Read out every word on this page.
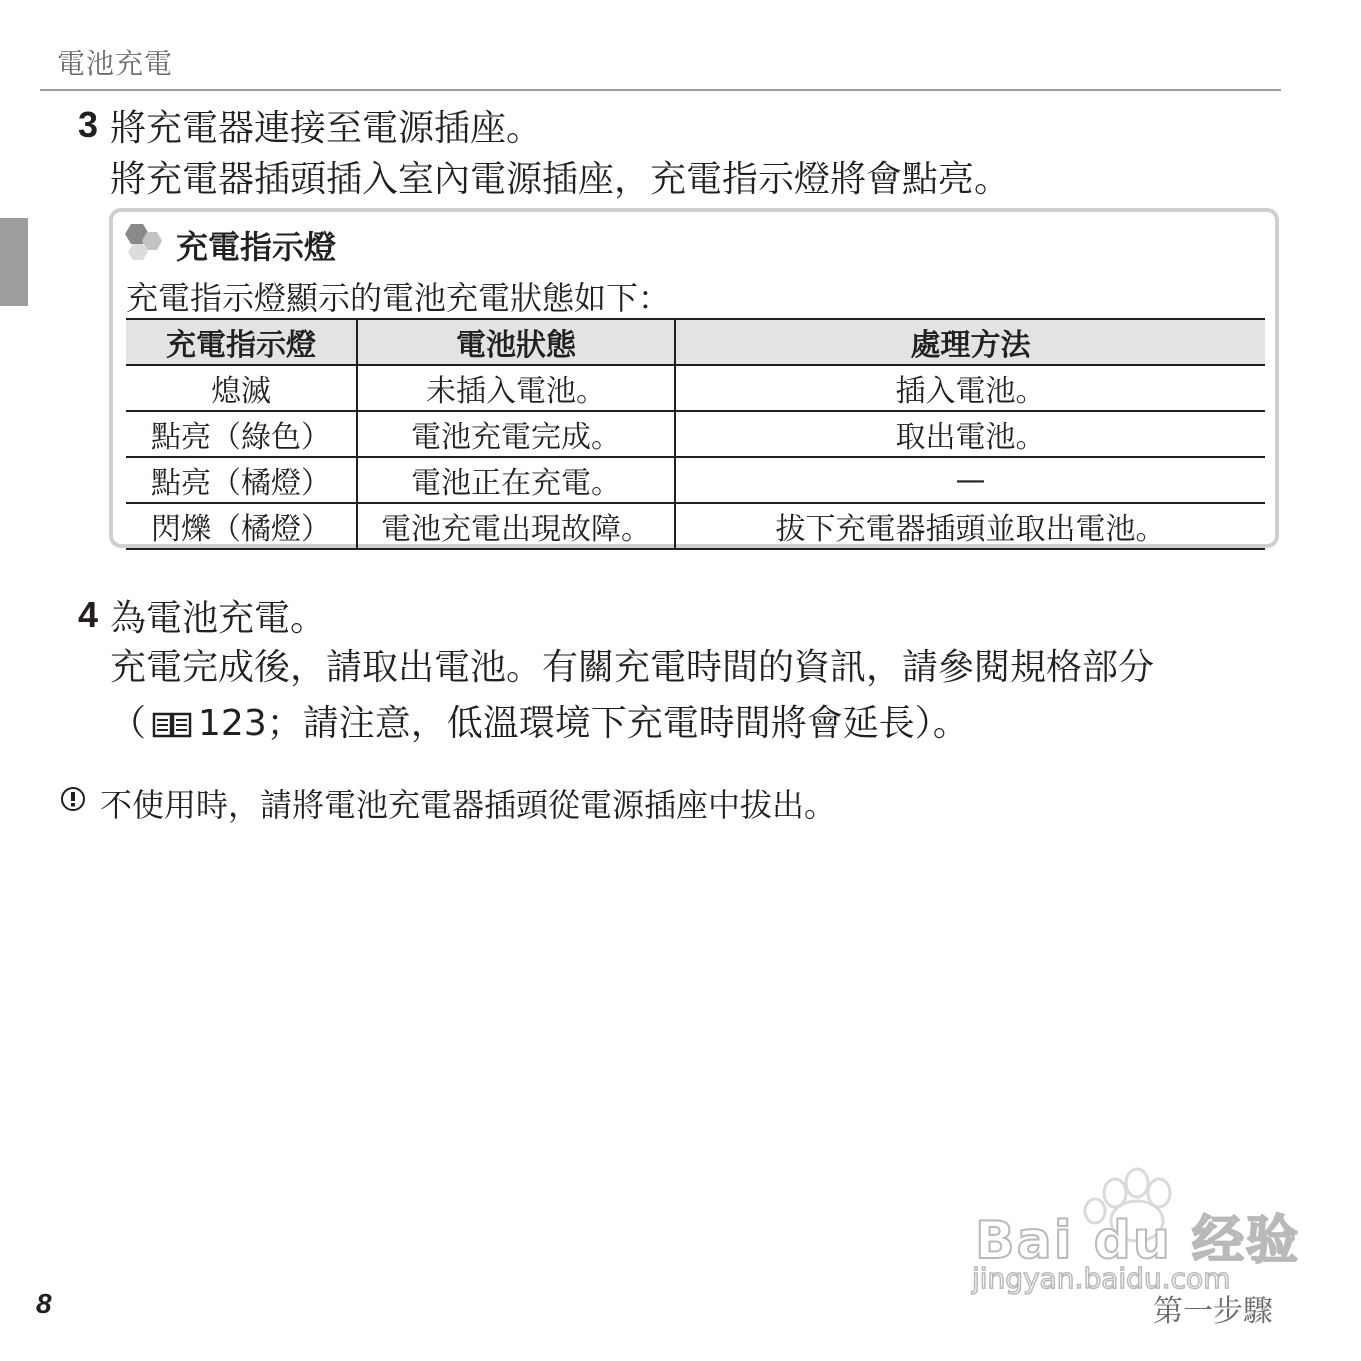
電池充電
3 將充電器連接至電源插座。
將充電器插頭插入室內電源插座，充電指示燈將會點亮。
充電指示燈
充電指示燈顯示的電池充電狀態如下：
充電指示燈	電池狀態	處理方法
熄滅	未插入電池。	插入電池。
點亮（綠色）	電池充電完成。	取出電池。
點亮（橘燈）	電池正在充電。	—
閃爍（橘燈）	電池充電出現故障。	拔下充電器插頭並取出電池。
4 為電池充電。
充電完成後，請取出電池。有關充電時間的資訊，請參閱規格部分
（ 123；請注意，低溫環境下充電時間將會延長）。
不使用時，請將電池充電器插頭從電源插座中拔出。
Bai du 经验
jingyan.baidu.com
8	第一步驟
